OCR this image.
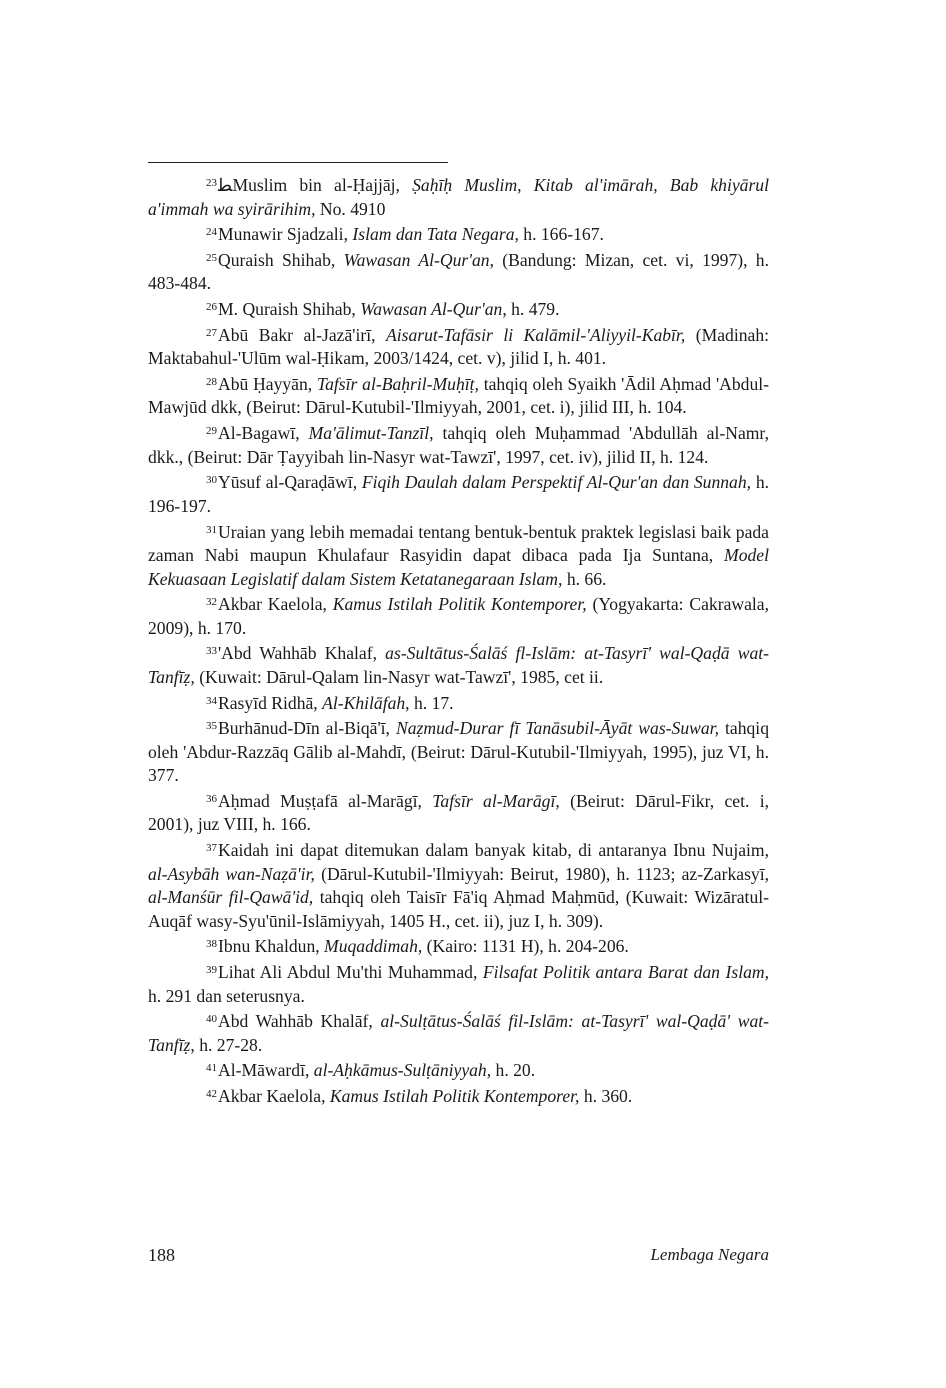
$^{23}$ﻄMuslim bin al-Ḥajjāj, Ṣaḥīḥ Muslim, Kitab al'imārah, Bab khiyārul a'immah wa syirārihim, No. 4910

$^{24}$Munawir Sjadzali, Islam dan Tata Negara, h. 166-167.

$^{25}$Quraish Shihab, Wawasan Al-Qur'an, (Bandung: Mizan, cet. vi, 1997), h. 483-484.

$^{26}$M. Quraish Shihab, Wawasan Al-Qur'an, h. 479.

$^{27}$Abū Bakr al-Jazā'irī, Aisarut-Tafāsir li Kalāmil-'Aliyyil-Kabīr, (Madinah: Maktabahul-'Ulūm wal-Ḥikam, 2003/1424, cet. v), jilid I, h. 401.

$^{28}$Abū Ḥayyān, Tafsīr al-Baḥril-Muḥīṭ, tahqiq oleh Syaikh 'Ādil Aḥmad 'Abdul-Mawjūd dkk, (Beirut: Dārul-Kutubil-'Ilmiyyah, 2001, cet. i), jilid III, h. 104.

$^{29}$Al-Bagawī, Ma'ālimut-Tanzīl, tahqiq oleh Muḥammad 'Abdullāh al-Namr, dkk., (Beirut: Dār Ṭayyibah lin-Nasyr wat-Tawzī', 1997, cet. iv), jilid II, h. 124.

$^{30}$Yūsuf al-Qaraḍāwī, Fiqih Daulah dalam Perspektif Al-Qur'an dan Sunnah, h. 196-197.

$^{31}$Uraian yang lebih memadai tentang bentuk-bentuk praktek legislasi baik pada zaman Nabi maupun Khulafaur Rasyidin dapat dibaca pada Ija Suntana, Model Kekuasaan Legislatif dalam Sistem Ketatanegaraan Islam, h. 66.

$^{32}$Akbar Kaelola, Kamus Istilah Politik Kontemporer, (Yogyakarta: Cakrawala, 2009), h. 170.

$^{33}$'Abd Wahhāb Khalaf, as-Sultātus-Śalāś fl-Islām: at-Tasyrī' wal-Qaḍā wat-Tanfīẓ, (Kuwait: Dārul-Qalam lin-Nasyr wat-Tawzī', 1985, cet ii.

$^{34}$Rasyīd Ridhā, Al-Khilāfah, h. 17.

$^{35}$Burhānud-Dīn al-Biqā'ī, Naẓmud-Durar fī Tanāsubil-Āyāt was-Suwar, tahqiq oleh 'Abdur-Razzāq Gālib al-Mahdī, (Beirut: Dārul-Kutubil-'Ilmiyyah, 1995), juz VI, h. 377.

$^{36}$Aḥmad Muṣṭafā al-Marāgī, Tafsīr al-Marāgī, (Beirut: Dārul-Fikr, cet. i, 2001), juz VIII, h. 166.

$^{37}$Kaidah ini dapat ditemukan dalam banyak kitab, di antaranya Ibnu Nujaim, al-Asybāh wan-Naẓā'ir, (Dārul-Kutubil-'Ilmiyyah: Beirut, 1980), h. 1123; az-Zarkasyī, al-Manśūr fil-Qawā'id, tahqiq oleh Taisīr Fā'iq Aḥmad Maḥmūd, (Kuwait: Wizāratul-Auqāf wasy-Syu'ūnil-Islāmiyyah, 1405 H., cet. ii), juz I, h. 309).

$^{38}$Ibnu Khaldun, Muqaddimah, (Kairo: 1131 H), h. 204-206.

$^{39}$Lihat Ali Abdul Mu'thi Muhammad, Filsafat Politik antara Barat dan Islam, h. 291 dan seterusnya.

$^{40}$Abd Wahhāb Khalāf, al-Sulṭātus-Śalāś fil-Islām: at-Tasyrī' wal-Qaḍā' wat-Tanfīẓ, h. 27-28.

$^{41}$Al-Māwardī, al-Aḥkāmus-Sulṭāniyyah, h. 20.

$^{42}$Akbar Kaelola, Kamus Istilah Politik Kontemporer, h. 360.

188	Lembaga Negara
